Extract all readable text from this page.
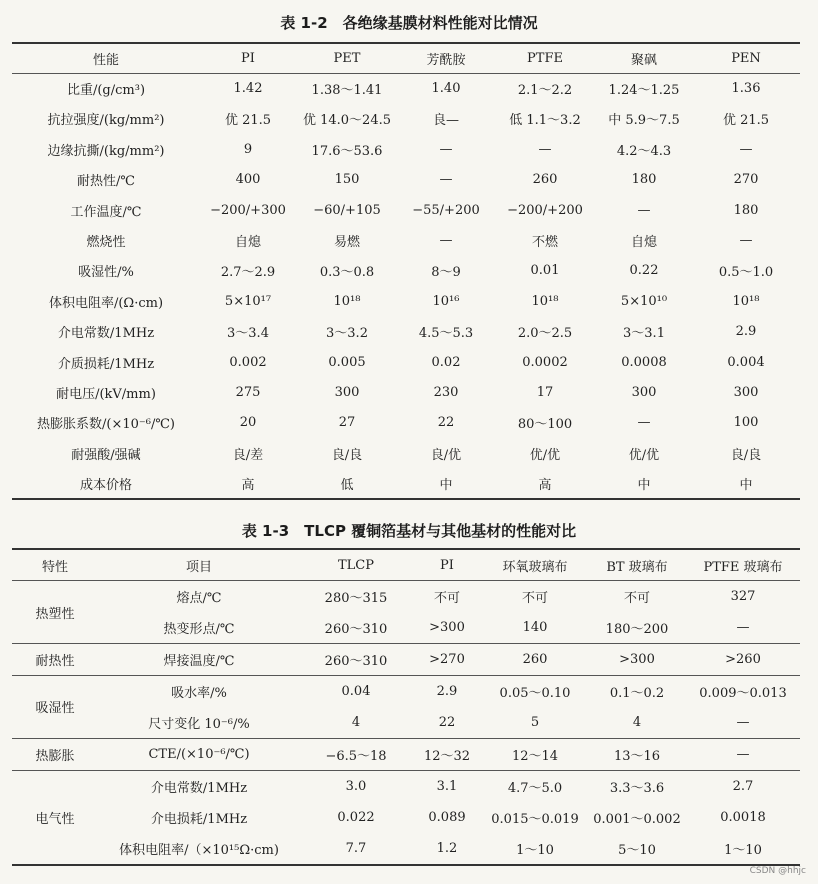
表 1-2　各绝缘基膜材料性能对比情况
性能	PI	PET	芳酰胺	PTFE	聚砜	PEN
比重/(g/cm³)	1.42	1.38～1.41	1.40	2.1～2.2	1.24～1.25	1.36
抗拉强度/(kg/mm²)	优 21.5	优 14.0～24.5	良—	低 1.1～3.2	中 5.9～7.5	优 21.5
边缘抗撕/(kg/mm²)	9	17.6～53.6	—	—	4.2～4.3	—
耐热性/℃	400	150	—	260	180	270
工作温度/℃	−200/+300	−60/+105	−55/+200	−200/+200	—	180
燃烧性	自熄	易燃	—	不燃	自熄	—
吸湿性/%	2.7～2.9	0.3～0.8	8～9	0.01	0.22	0.5～1.0
体积电阻率/(Ω·cm)	5×10¹⁷	10¹⁸	10¹⁶	10¹⁸	5×10¹⁰	10¹⁸
介电常数/1MHz	3～3.4	3～3.2	4.5～5.3	2.0～2.5	3～3.1	2.9
介质损耗/1MHz	0.002	0.005	0.02	0.0002	0.0008	0.004
耐电压/(kV/mm)	275	300	230	17	300	300
热膨胀系数/(×10⁻⁶/℃)	20	27	22	80～100	—	100
耐强酸/强碱	良/差	良/良	良/优	优/优	优/优	良/良
成本价格	高	低	中	高	中	中
表 1-3　TLCP 覆铜箔基材与其他基材的性能对比
特性	项目	TLCP	PI	环氧玻璃布	BT 玻璃布	PTFE 玻璃布
热塑性	熔点/℃	280～315	不可	不可	不可	327
	热变形点/℃	260～310	>300	140	180～200	—
耐热性	焊接温度/℃	260～310	>270	260	>300	>260
吸湿性	吸水率/%	0.04	2.9	0.05～0.10	0.1～0.2	0.009～0.013
	尺寸变化 10⁻⁶/%	4	22	5	4	—
热膨胀	CTE/(×10⁻⁶/℃)	−6.5～18	12～32	12～14	13～16	—
电气性	介电常数/1MHz	3.0	3.1	4.7～5.0	3.3～3.6	2.7
	介电损耗/1MHz	0.022	0.089	0.015～0.019	0.001～0.002	0.0018
	体积电阻率/（×10¹⁵Ω·cm)	7.7	1.2	1～10	5～10	1～10
CSDN @hhjc
